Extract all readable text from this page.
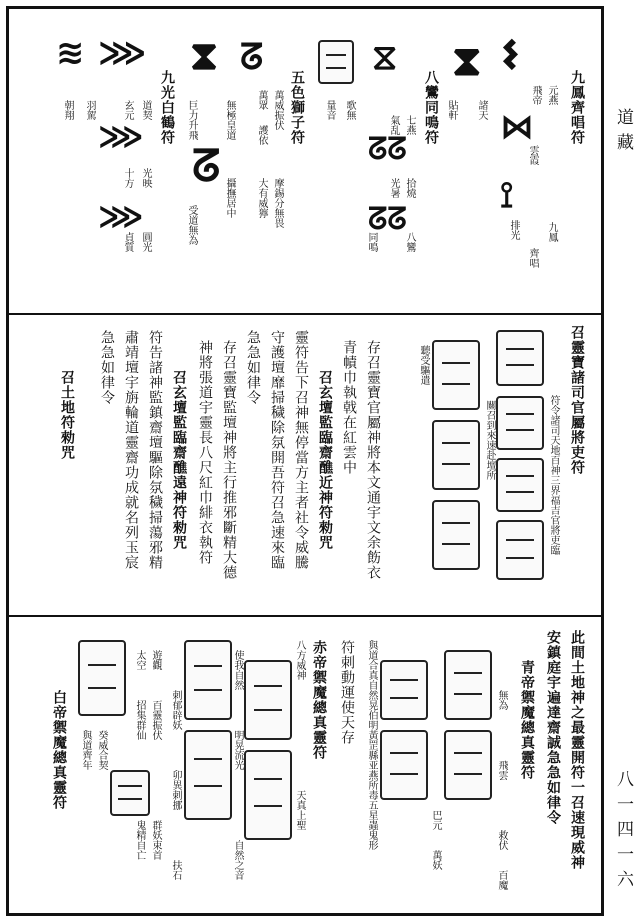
道藏
八一四一六
九鳳齊唱符
𐌔
⋈
⟟
⧗
元燕
雲霞
九鳳
飛帝
排光
齊唱
諸天
貼軒
八鸞同鳴符
⧖
ᘔᘔ
ᘔᘔ
七燕
拾燒
八鸞
氣乱
光暑
同鳴
歌無
量音
五色獅子符
ᘔ
⧗
ᘔ
萬威振伏
摩錫分無畏
萬眾
護依
大有威獰
無極皇道
攝撫居中
巨力升飛
受道無為
九光白鶴符
⋙
⋙
⋙
≋
道契
光映
圓光
玄元
十方
貞質
羽駕
朝翔
召靈寶諸司官屬將吏符
符令諸司天地百神三界福吉官將吏臨
關召到來速赴壇所
聽受驅遣
存召靈寶官屬神將本文通宇文余飭衣
青幘巾執戟在紅雲中
召玄壇監臨齋醮近神符勑咒
靈符告下召神無停當方主者社令威騰
守護壇靡掃穢除氛開吾符召急速來臨
急急如律令
存召靈寶監壇神將主行推邪斷精大德
神將張道宇靈長八尺紅巾緋衣執符
召玄壇監臨齋醮遠神符勑咒
符告諸神監鎮齋壇驅除氛穢掃蕩邪精
肅靖壇宇旃輪道靈齋功成就名列玉宸
急急如律令
召土地符勑咒
此間土地神之最靈開符一召速現威神
安鎮庭宇遍達齋誠急急如律令
青帝禦魔總真靈符
無為
飛雲
救伏
巴元
萬妖
百魔
與道合真自然晃伯明黃罡縣亚燕所毒五星蟲鬼形
符刺動運使天存
赤帝禦魔總真靈符
八方威神
天真上聖
使我自然
明晃流光
自然之音
刺郁辟妖
卯異刺挪
扶石
遊觀
百靈振伏
群妖束首
太空
招集群仙
鬼精自亡
癸威合契
與道齊年
白帝禦魔總真靈符
